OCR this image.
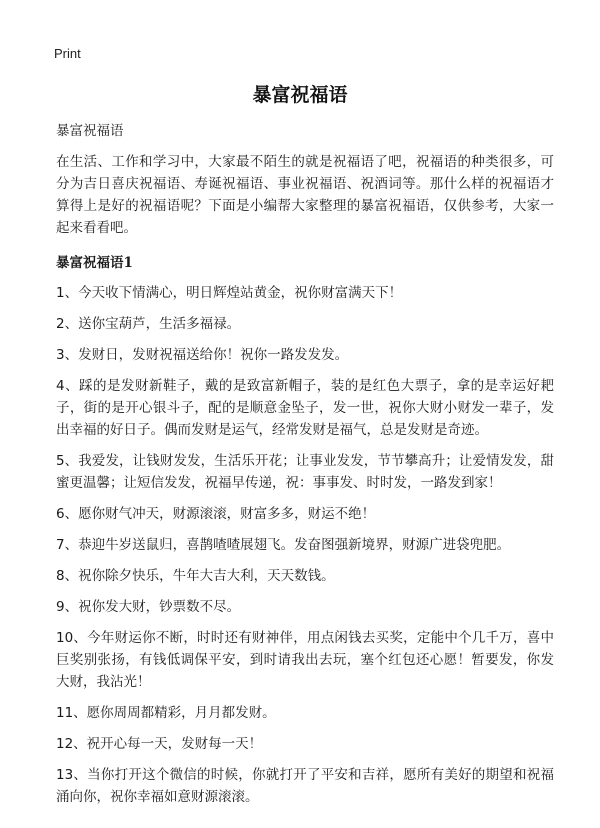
Print
暴富祝福语

暴富祝福语

在生活、工作和学习中，大家最不陌生的就是祝福语了吧，祝福语的种类很多，可分为吉日喜庆祝福语、寿诞祝福语、事业祝福语、祝酒词等。那什么样的祝福语才算得上是好的祝福语呢？下面是小编帮大家整理的暴富祝福语，仅供参考，大家一起来看看吧。

暴富祝福语1

1、今天收下情满心，明日辉煌站黄金，祝你财富满天下！

2、送你宝葫芦，生活多福禄。

3、发财日，发财祝福送给你！祝你一路发发发。

4、踩的是发财新鞋子，戴的是致富新帽子，装的是红色大票子，拿的是幸运好耙子，街的是开心银斗子，配的是顺意金坠子，发一世，祝你大财小财发一辈子，发出幸福的好日子。偶而发财是运气，经常发财是福气，总是发财是奇迹。

5、我爱发，让钱财发发，生活乐开花；让事业发发，节节攀高升；让爱情发发，甜蜜更温馨；让短信发发，祝福早传递，祝：事事发、时时发，一路发到家！

6、愿你财气冲天，财源滚滚，财富多多，财运不绝！

7、恭迎牛岁送鼠归，喜鹊喳喳展翅飞。发奋图强新境界，财源广进袋兜肥。

8、祝你除夕快乐，牛年大吉大利，天天数钱。

9、祝你发大财，钞票数不尽。

10、今年财运你不断，时时还有财神伴，用点闲钱去买奖，定能中个几千万，喜中巨奖别张扬，有钱低调保平安，到时请我出去玩，塞个红包还心愿！暂要发，你发大财，我沾光！

11、愿你周周都精彩，月月都发财。

12、祝开心每一天，发财每一天！

13、当你打开这个微信的时候，你就打开了平安和吉祥，愿所有美好的期望和祝福涌向你，祝你幸福如意财源滚滚。
